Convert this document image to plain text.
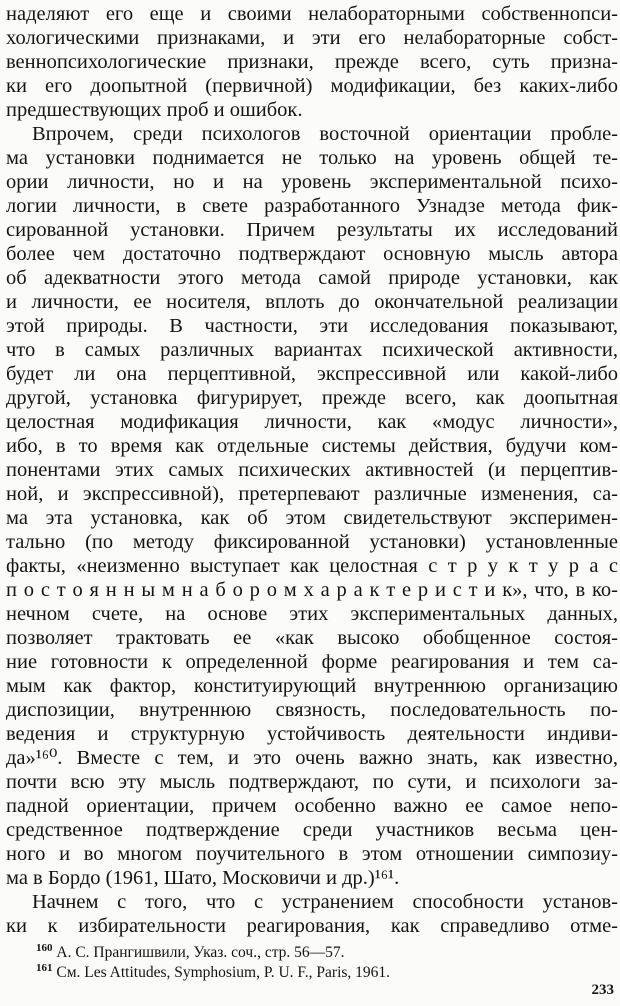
наделяют его еще и своими нелабораторными собственнопси-
хологическими признаками, и эти его нелабораторные собст-
веннопсихологические признаки, прежде всего, суть призна-
ки его доопытной (первичной) модификации, без каких-либо
предшествующих проб и ошибок.
Впрочем, среди психологов восточной ориентации пробле-
ма установки поднимается не только на уровень общей те-
ории личности, но и на уровень экспериментальной психо-
логии личности, в свете разработанного Узнадзе метода фик-
сированной установки. Причем результаты их исследований
более чем достаточно подтверждают основную мысль автора
об адекватности этого метода самой природе установки, как
и личности, ее носителя, вплоть до окончательной реализации
этой природы. В частности, эти исследования показывают,
что в самых различных вариантах психической активности,
будет ли она перцептивной, экспрессивной или какой-либо
другой, установка фигурирует, прежде всего, как доопытная
целостная модификация личности, как «модус личности»,
ибо, в то время как отдельные системы действия, будучи ком-
понентами этих самых психических активностей (и перцептив-
ной, и экспрессивной), претерпевают различные изменения, са-
ма эта установка, как об этом свидетельствуют эксперимен-
тально (по методу фиксированной установки) установленные
факты, «неизменно выступает как целостная с т р у к т у р а с
п о с т о я н н ы м н а б о р о м х а р а к т е р и с т и к», что, в ко-
нечном счете, на основе этих экспериментальных данных,
позволяет трактовать ее «как высоко обобщенное состоя-
ние готовности к определенной форме реагирования и тем са-
мым как фактор, конституирующий внутреннюю организацию
диспозиции, внутреннюю связность, последовательность по-
ведения и структурную устойчивость деятельности индиви-
да»¹⁶⁰. Вместе с тем, и это очень важно знать, как известно,
почти всю эту мысль подтверждают, по сути, и психологи за-
падной ориентации, причем особенно важно ее самое непо-
средственное подтверждение среди участников весьма цен-
ного и во многом поучительного в этом отношении симпозиу-
ма в Бордо (1961, Шато, Московичи и др.)¹⁶¹.
Начнем с того, что с устранением способности установ-
ки к избирательности реагирования, как справедливо отме-
$^{160}$ А. С. Прангишвили, Указ. соч., стр. 56—57.
$^{161}$ См. Les Attitudes, Symphosium, P. U. F., Paris, 1961.
233
